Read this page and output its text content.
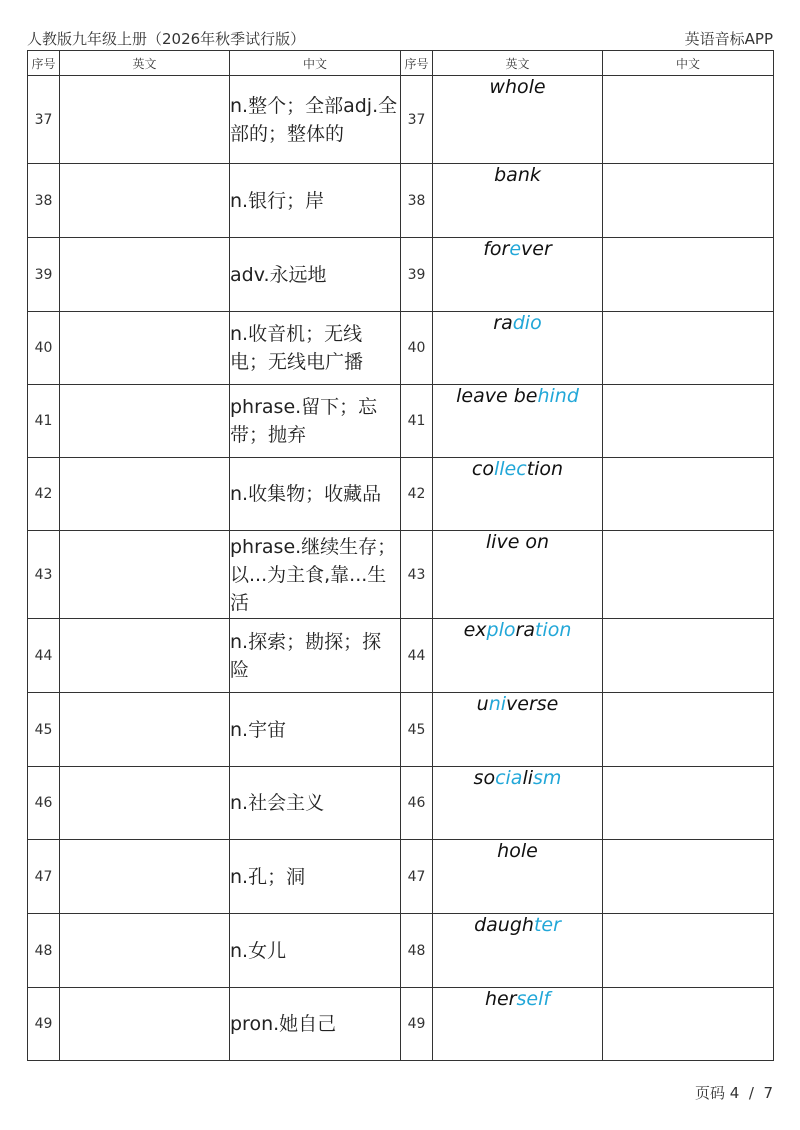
人教版九年级上册（2026年秋季试行版）	英语音标APP
序号	英文	中文	序号	英文	中文
37		n.整个；全部adj.全部的；整体的	37	whole	
38		n.银行；岸	38	bank	
39		adv.永远地	39	forever	
40		n.收音机；无线电；无线电广播	40	radio	
41		phrase.留下；忘带；抛弃	41	leave behind	
42		n.收集物；收藏品	42	collection	
43		phrase.继续生存；以...为主食,靠...生活	43	live on	
44		n.探索；勘探；探险	44	exploration	
45		n.宇宙	45	universe	
46		n.社会主义	46	socialism	
47		n.孔；洞	47	hole	
48		n.女儿	48	daughter	
49		pron.她自己	49	herself	
页码 4  /  7
